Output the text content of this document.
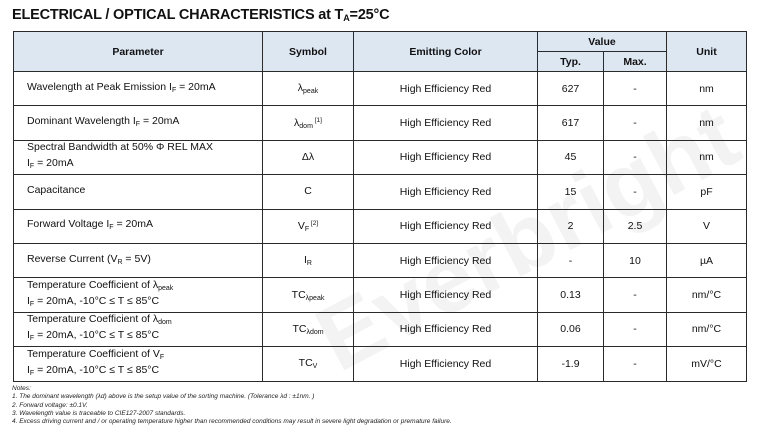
ELECTRICAL / OPTICAL CHARACTERISTICS at $T_A=25^\circ C$
Parameter	Symbol	Emitting Color	Value		Unit
			Typ.	Max.	

Wavelength at Peak Emission IF = 20mA	λpeak	High Efficiency Red	627	-	nm

Dominant Wavelength IF = 20mA	λdom [1]	High Efficiency Red	617	-	nm

Spectral Bandwidth at 50% Φ REL MAX
IF = 20mA	Δλ	High Efficiency Red	45	-	nm

Capacitance	C	High Efficiency Red	15	-	pF

Forward Voltage IF = 20mA	VF [2]	High Efficiency Red	2	2.5	V

Reverse Current (VR = 5V)	IR	High Efficiency Red	-	10	µA

Temperature Coefficient of λpeak
IF = 20mA, -10°C ≤ T ≤ 85°C	TCλpeak	High Efficiency Red	0.13	-	nm/°C

Temperature Coefficient of λdom
IF = 20mA, -10°C ≤ T ≤ 85°C	TCλdom	High Efficiency Red	0.06	-	nm/°C

Temperature Coefficient of VF
IF = 20mA, -10°C ≤ T ≤ 85°C	TCV	High Efficiency Red	-1.9	-	mV/°C
Notes:
1. The dominant wavelength (λd) above is the setup value of the sorting machine. (Tolerance λd : ±1nm. )
2. Forward voltage: ±0.1V.
3. Wavelength value is traceable to CIE127-2007 standards.
4. Excess driving current and / or operating temperature higher than recommended conditions may result in severe light degradation or premature failure.
